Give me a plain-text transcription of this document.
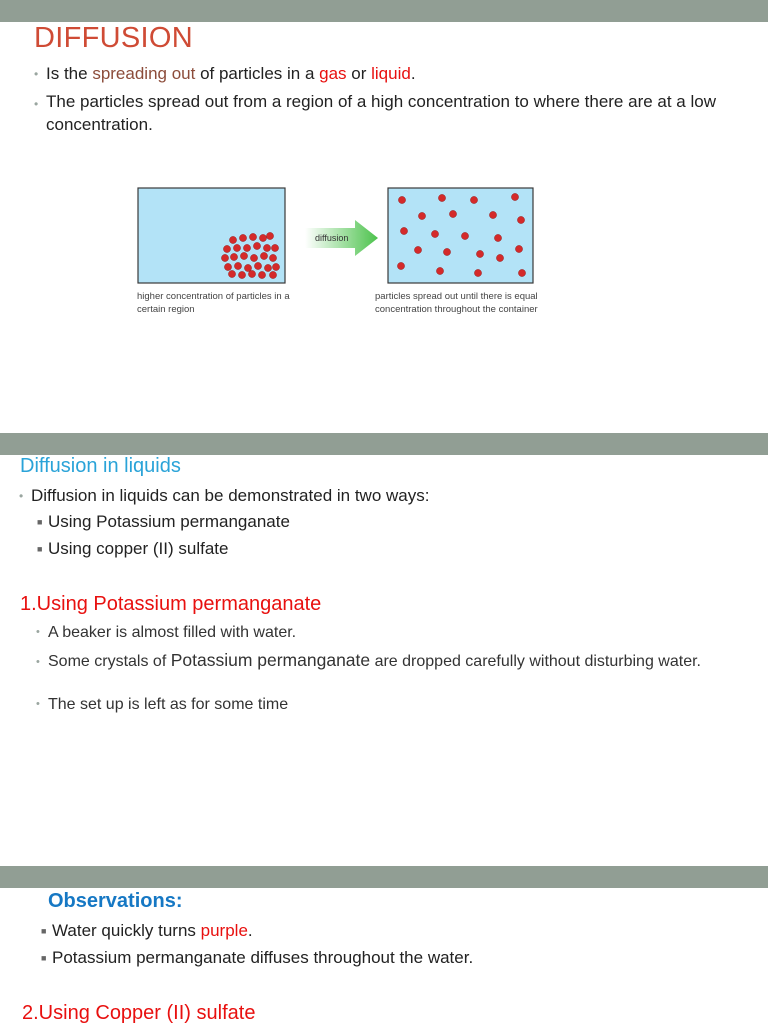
DIFFUSION
• Is the spreading out of particles in a gas or liquid.
• The particles spread out from a region of a high concentration to where there are at a low concentration.
diffusion
higher concentration of particles in a certain region
particles spread out until there is equal concentration throughout the container
Diffusion in liquids
• Diffusion in liquids can be demonstrated in two ways:
■ Using Potassium permanganate
■ Using copper (II) sulfate
1.Using Potassium permanganate
• A beaker is almost filled with water.
• Some crystals of Potassium permanganate are dropped carefully without disturbing water.
• The set up is left as for some time
Observations:
■ Water quickly turns purple.
■ Potassium permanganate diffuses throughout the water.
2.Using Copper (II) sulfate
